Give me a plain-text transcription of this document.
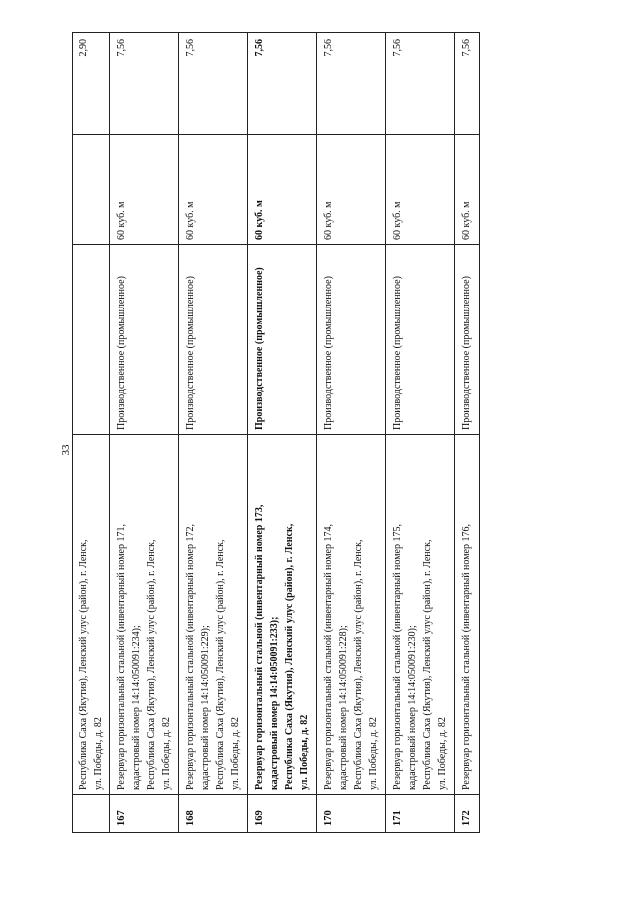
33

	Республика Саха (Якутия), Ленский улус (район), г. Ленск, ул. Победы, д. 82			2,90
167	Резервуар горизонтальный стальной (инвентарный номер 171, кадастровый номер 14:14:050091:234); Республика Саха (Якутия), Ленский улус (район), г. Ленск, ул. Победы, д. 82	Производственное (промышленное)	60 куб. м	7,56
168	Резервуар горизонтальный стальной (инвентарный номер 172, кадастровый номер 14:14:050091:229); Республика Саха (Якутия), Ленский улус (район), г. Ленск, ул. Победы, д. 82	Производственное (промышленное)	60 куб. м	7,56
169	Резервуар горизонтальный стальной (инвентарный номер 173, кадастровый номер 14:14:050091:233); Республика Саха (Якутия), Ленский улус (район), г. Ленск, ул. Победы, д. 82	Производственное (промышленное)	60 куб. м	7,56
170	Резервуар горизонтальный стальной (инвентарный номер 174, кадастровый номер 14:14:050091:228); Республика Саха (Якутия), Ленский улус (район), г. Ленск, ул. Победы, д. 82	Производственное (промышленное)	60 куб. м	7,56
171	Резервуар горизонтальный стальной (инвентарный номер 175, кадастровый номер 14:14:050091:230); Республика Саха (Якутия), Ленский улус (район), г. Ленск, ул. Победы, д. 82	Производственное (промышленное)	60 куб. м	7,56
172	Резервуар горизонтальный стальной (инвентарный номер 176,	Производственное (промышленное)	60 куб. м	7,56
